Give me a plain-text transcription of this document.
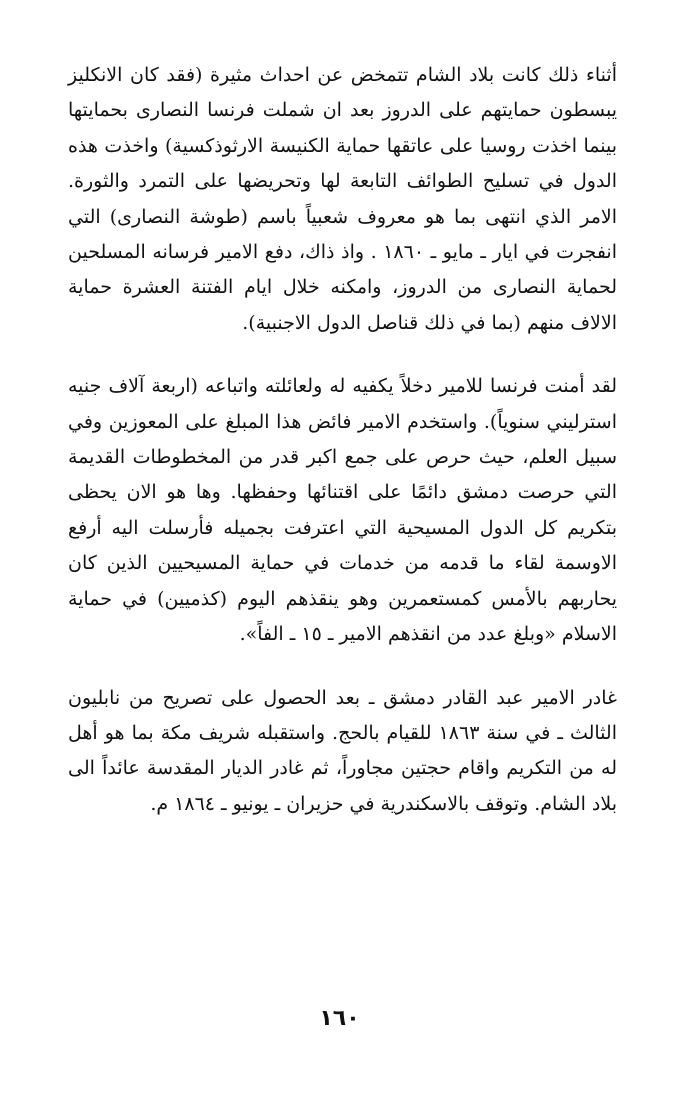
أثناء ذلك كانت بلاد الشام تتمخض عن احداث مثيرة (فقد كان الانكليز يبسطون حمايتهم على الدروز بعد ان شملت فرنسا النصارى بحمايتها بينما اخذت روسيا على عاتقها حماية الكنيسة الارثوذكسية) واخذت هذه الدول في تسليح الطوائف التابعة لها وتحريضها على التمرد والثورة. الامر الذي انتهى بما هو معروف شعبياً باسم (طوشة النصارى) التي انفجرت في ايار ـ مايو ـ ١٨٦٠ . واذ ذاك، دفع الامير فرسانه المسلحين لحماية النصارى من الدروز، وامكنه خلال ايام الفتنة العشرة حماية الالاف منهم (بما في ذلك قناصل الدول الاجنبية).

لقد أمنت فرنسا للامير دخلاً يكفيه له ولعائلته واتباعه (اربعة آلاف جنيه استرليني سنوياً). واستخدم الامير فائض هذا المبلغ على المعوزين وفي سبيل العلم، حيث حرص على جمع اكبر قدر من المخطوطات القديمة التي حرصت دمشق دائمًا على اقتنائها وحفظها. وها هو الان يحظى بتكريم كل الدول المسيحية التي اعترفت بجميله فأرسلت اليه أرفع الاوسمة لقاء ما قدمه من خدمات في حماية المسيحيين الذين كان يحاربهم بالأمس كمستعمرين وهو ينقذهم اليوم (كذميين) في حماية الاسلام «وبلغ عدد من انقذهم الامير ـ ١٥ ـ الفاً».

غادر الامير عبد القادر دمشق ـ بعد الحصول على تصريح من نابليون الثالث ـ في سنة ١٨٦٣ للقيام بالحج. واستقبله شريف مكة بما هو أهل له من التكريم واقام حجتين مجاوراً، ثم غادر الديار المقدسة عائداً الى بلاد الشام. وتوقف بالاسكندرية في حزيران ـ يونيو ـ ١٨٦٤ م.

١٦٠
